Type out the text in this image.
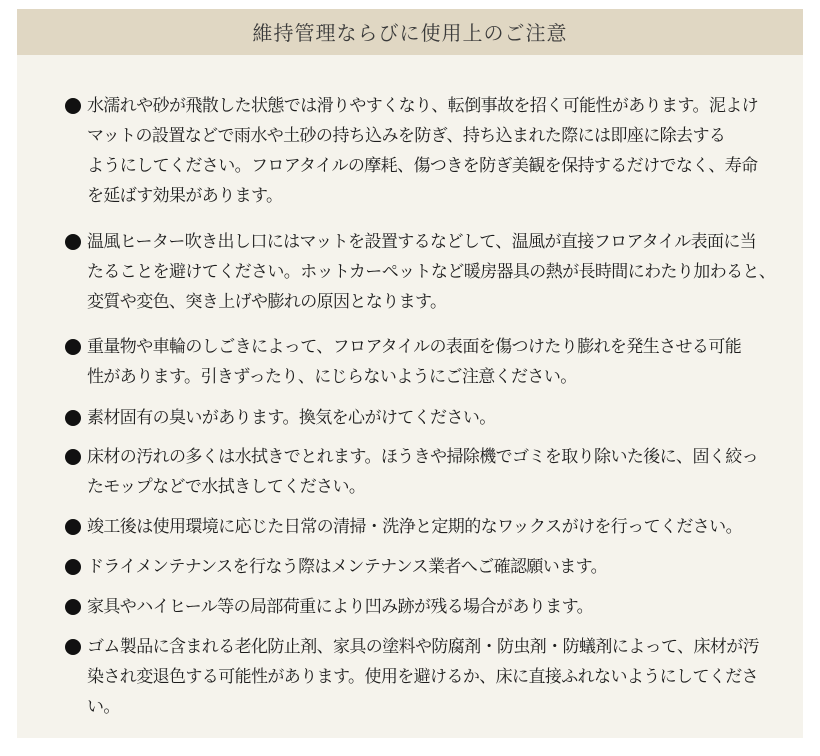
維持管理ならびに使用上のご注意
水濡れや砂が飛散した状態では滑りやすくなり、転倒事故を招く可能性があります。泥よけ
マットの設置などで雨水や土砂の持ち込みを防ぎ、持ち込まれた際には即座に除去する
ようにしてください。フロアタイルの摩耗、傷つきを防ぎ美観を保持するだけでなく、寿命
を延ばす効果があります。
温風ヒーター吹き出し口にはマットを設置するなどして、温風が直接フロアタイル表面に当
たることを避けてください。ホットカーペットなど暖房器具の熱が長時間にわたり加わると、
変質や変色、突き上げや膨れの原因となります。
重量物や車輪のしごきによって、フロアタイルの表面を傷つけたり膨れを発生させる可能
性があります。引きずったり、にじらないようにご注意ください。
素材固有の臭いがあります。換気を心がけてください。
床材の汚れの多くは水拭きでとれます。ほうきや掃除機でゴミを取り除いた後に、固く絞っ
たモップなどで水拭きしてください。
竣工後は使用環境に応じた日常の清掃・洗浄と定期的なワックスがけを行ってください。
ドライメンテナンスを行なう際はメンテナンス業者へご確認願います。
家具やハイヒール等の局部荷重により凹み跡が残る場合があります。
ゴム製品に含まれる老化防止剤、家具の塗料や防腐剤・防虫剤・防蟻剤によって、床材が汚
染され変退色する可能性があります。使用を避けるか、床に直接ふれないようにしてくださ
い。
